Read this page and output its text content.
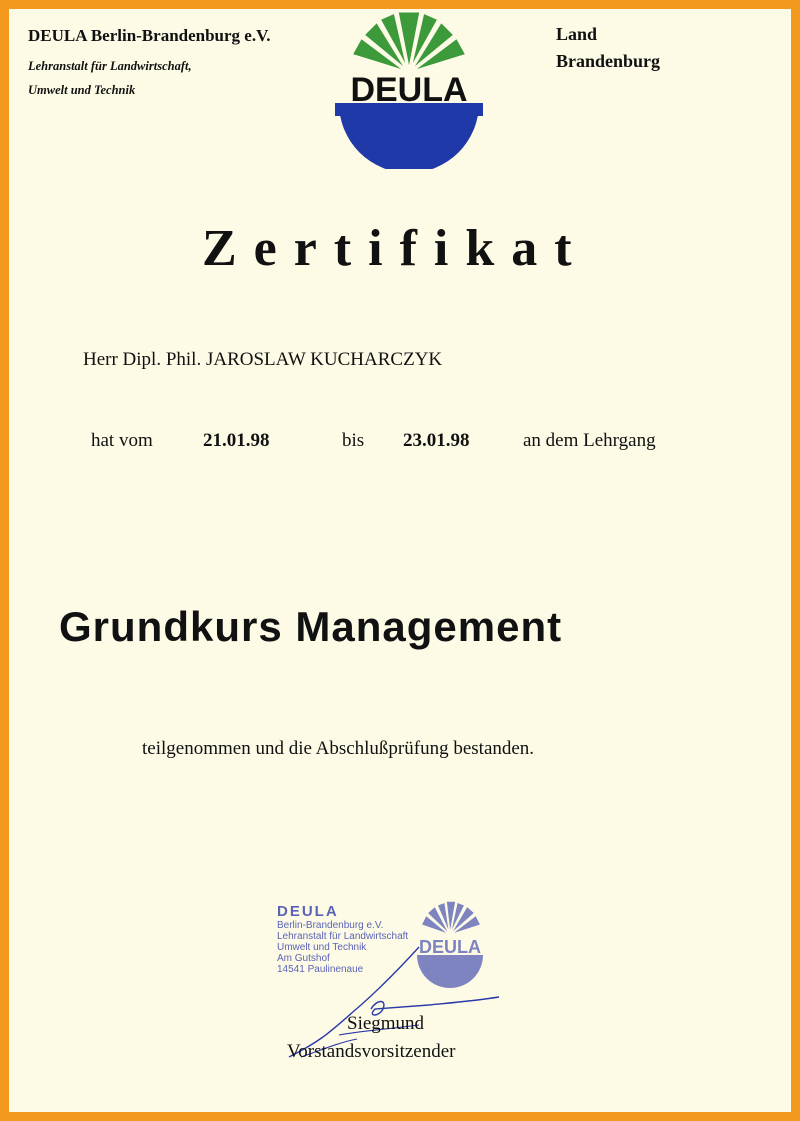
DEULA Berlin-Brandenburg e.V.
Lehranstalt für Landwirtschaft,
Umwelt und Technik	DEULA
Land
Brandenburg
Zertifikat
Herr Dipl. Phil. JAROSLAW KUCHARCZYK
hat vom	21.01.98	bis 23.01.98	an dem Lehrgang
Grundkurs Management
teilgenommen und die Abschlußprüfung bestanden.
DEULA
Berlin-Brandenburg e.V.
Lehranstalt für Landwirtschaft
Umwelt und Technik
Am Gutshof
14541 Paulinenaue
DEULA
Siegmund
Vorstandsvorsitzender
